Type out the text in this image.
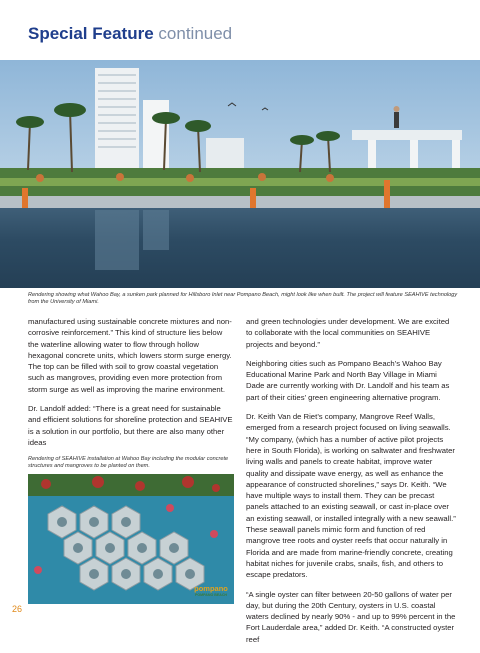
Special Feature continued
Rendering showing what Wahoo Bay, a sunken park planned for Hillsboro Inlet near Pompano Beach, might look like when built. The project will feature SEAHIVE technology from the University of Miami.

manufactured using sustainable concrete mixtures and non-corrosive reinforcement.” This kind of structure lies below the waterline allowing water to flow through hollow hexagonal concrete units, which lowers storm surge energy. The top can be filled with soil to grow coastal vegetation such as mangroves, providing even more protection from storm surge as well as improving the marine environment.

Dr. Landolf added: “There is a great need for sustainable and efficient solutions for shoreline protection and SEAHIVE is a solution in our portfolio, but there are also many other ideas

Rendering of SEAHIVE installation at Wahoo Bay including the modular concrete structures and mangroves to be planted on them.
pompano
POMPANO BEACH

and green technologies under development. We are excited to collaborate with the local communities on SEAHIVE projects and beyond.”

Neighboring cities such as Pompano Beach’s Wahoo Bay Educational Marine Park and North Bay Village in Miami Dade are currently working with Dr. Landolf and his team as part of their cities’ green engineering alternative program.

Dr. Keith Van de Riet’s company, Mangrove Reef Walls, emerged from a research project focused on living seawalls. “My company, (which has a number of active pilot projects here in South Florida), is working on saltwater and freshwater living walls and panels to create habitat, improve water quality and dissipate wave energy, as well as enhance the appearance of constructed shorelines,” says Dr. Keith. “We have multiple ways to install them. They can be precast panels attached to an existing seawall, or cast in-place over an existing seawall, or installed integrally with a new seawall.” These seawall panels mimic form and function of red mangrove tree roots and oyster reefs that occur naturally in Florida and are made from marine-friendly concrete, creating habitat niches for juvenile crabs, snails, fish, and others to escape predators.

“A single oyster can filter between 20-50 gallons of water per day, but during the 20th Century, oysters in U.S. coastal waters declined by nearly 90% - and up to 99% percent in the Fort Lauderdale area,” added Dr. Keith. “A constructed oyster reef

26
